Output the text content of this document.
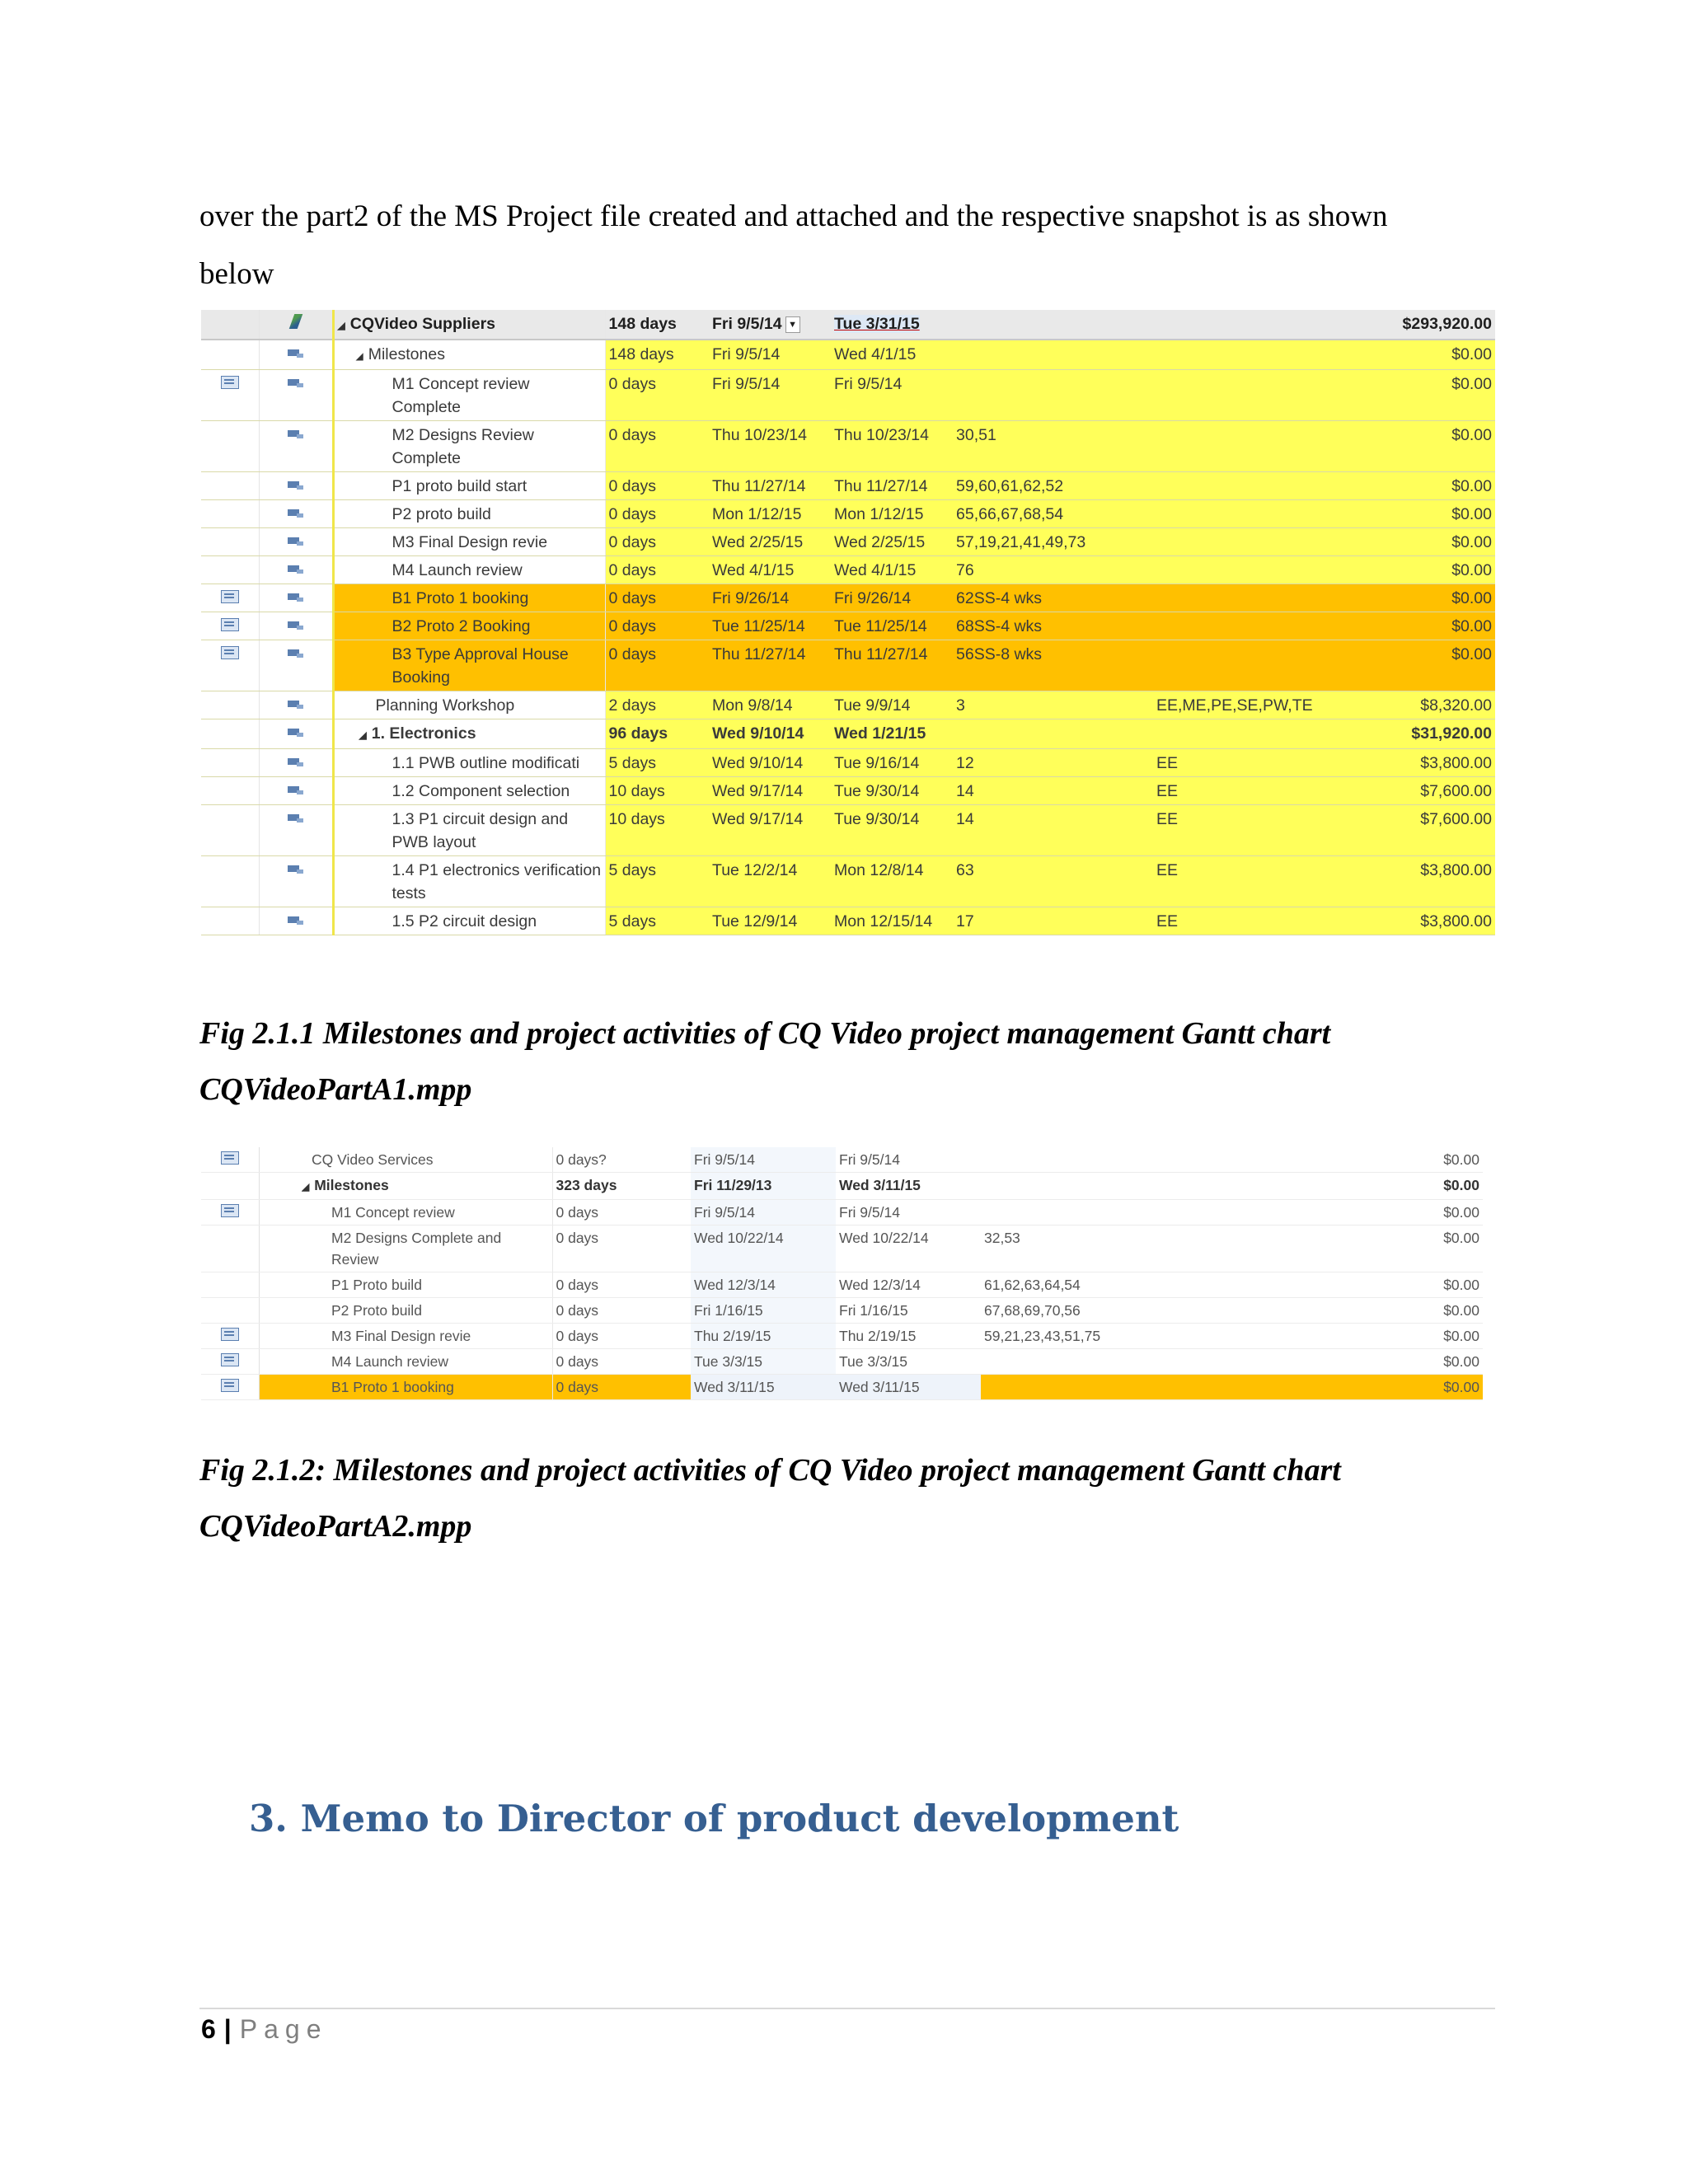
over the part2 of the MS Project file created and attached and the respective snapshot is as shown
below
		◢ CQVideo Suppliers	148 days	Fri 9/5/14 ▼	Tue 3/31/15			$293,920.00
		◢ Milestones	148 days	Fri 9/5/14	Wed 4/1/15			$0.00
		M1 Concept review Complete	0 days	Fri 9/5/14	Fri 9/5/14			$0.00
		M2 Designs Review Complete	0 days	Thu 10/23/14	Thu 10/23/14	30,51		$0.00
		P1 proto build start	0 days	Thu 11/27/14	Thu 11/27/14	59,60,61,62,52		$0.00
		P2 proto build	0 days	Mon 1/12/15	Mon 1/12/15	65,66,67,68,54		$0.00
		M3 Final Design revie	0 days	Wed 2/25/15	Wed 2/25/15	57,19,21,41,49,73		$0.00
		M4 Launch review	0 days	Wed 4/1/15	Wed 4/1/15	76		$0.00
		B1 Proto 1 booking	0 days	Fri 9/26/14	Fri 9/26/14	62SS-4 wks		$0.00
		B2 Proto 2 Booking	0 days	Tue 11/25/14	Tue 11/25/14	68SS-4 wks		$0.00
		B3 Type Approval House Booking	0 days	Thu 11/27/14	Thu 11/27/14	56SS-8 wks		$0.00
		Planning Workshop	2 days	Mon 9/8/14	Tue 9/9/14	3	EE,ME,PE,SE,PW,TE	$8,320.00
		◢ 1. Electronics	96 days	Wed 9/10/14	Wed 1/21/15			$31,920.00
		1.1 PWB outline modificati	5 days	Wed 9/10/14	Tue 9/16/14	12	EE	$3,800.00
		1.2 Component selection	10 days	Wed 9/17/14	Tue 9/30/14	14	EE	$7,600.00
		1.3 P1 circuit design and PWB layout	10 days	Wed 9/17/14	Tue 9/30/14	14	EE	$7,600.00
		1.4 P1 electronics verification tests	5 days	Tue 12/2/14	Mon 12/8/14	63	EE	$3,800.00
		1.5 P2 circuit design	5 days	Tue 12/9/14	Mon 12/15/14	17	EE	$3,800.00
Fig 2.1.1 Milestones and project activities of CQ Video project management Gantt chart
CQVideoPartA1.mpp
		CQ Video Services	0 days?	Fri 9/5/14	Fri 9/5/14		$0.00
		◢ Milestones	323 days	Fri 11/29/13	Wed 3/11/15		$0.00
		M1 Concept review	0 days	Fri 9/5/14	Fri 9/5/14		$0.00
		M2 Designs Complete and Review	0 days	Wed 10/22/14	Wed 10/22/14	32,53	$0.00
		P1 Proto build	0 days	Wed 12/3/14	Wed 12/3/14	61,62,63,64,54	$0.00
		P2 Proto build	0 days	Fri 1/16/15	Fri 1/16/15	67,68,69,70,56	$0.00
		M3 Final Design revie	0 days	Thu 2/19/15	Thu 2/19/15	59,21,23,43,51,75	$0.00
		M4 Launch review	0 days	Tue 3/3/15	Tue 3/3/15		$0.00
		B1 Proto 1 booking	0 days	Wed 3/11/15	Wed 3/11/15		$0.00
Fig 2.1.2: Milestones and project activities of CQ Video project management Gantt chart
CQVideoPartA2.mpp
3. Memo to Director of product development
6 | Page
